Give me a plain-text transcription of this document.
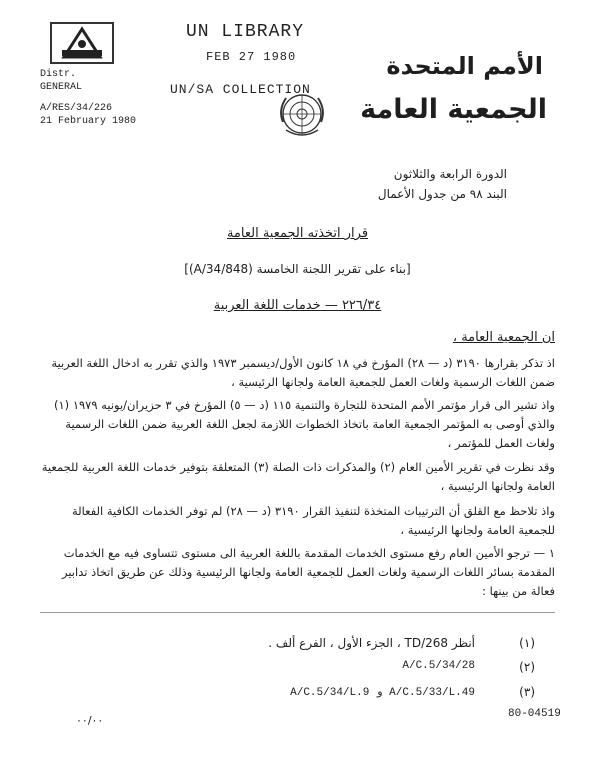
UN LIBRARY
FEB 27 1980
UN/SA COLLECTION
Distr.
GENERAL
A/RES/34/226
21 February 1980
الأمم المتحدة
الجمعية العامة
الدورة الرابعة والثلاثون
البند ٩٨ من جدول الأعمال
قرار اتخذته الجمعية العامة
[بناء على تقرير اللجنة الخامسة (A/34/848)]
٢٢٦/٣٤ — خدمات اللغة العربية
ان الجمعية العامة ،
اذ تذكر بقرارها ٣١٩٠ (د — ٢٨) المؤرخ في ١٨ كانون الأول/ديسمبر ١٩٧٣ والذي تقرر به ادخال اللغة العربية ضمن اللغات الرسمية ولغات العمل للجمعية العامة ولجانها الرئيسية ،
واذ تشير الى قرار مؤتمر الأمم المتحدة للتجارة والتنمية ١١٥ (د — ٥) المؤرخ في ٣ حزيران/يونيه ١٩٧٩ (١) والذي أوصى به المؤتمر الجمعية العامة باتخاذ الخطوات اللازمة لجعل اللغة العربية ضمن اللغات الرسمية ولغات العمل للمؤتمر ،
وقد نظرت في تقرير الأمين العام (٢) والمذكرات ذات الصلة (٣) المتعلقة بتوفير خدمات اللغة العربية للجمعية العامة ولجانها الرئيسية ،
واذ تلاحظ مع القلق أن الترتيبات المتخذة لتنفيذ القرار ٣١٩٠ (د — ٢٨) لم توفر الخدمات الكافية الفعالة للجمعية العامة ولجانها الرئيسية ،
١ — ترجو الأمين العام رفع مستوى الخدمات المقدمة باللغة العربية الى مستوى تتساوى فيه مع الخدمات المقدمة بسائر اللغات الرسمية ولغات العمل للجمعية العامة ولجانها الرئيسية وذلك عن طريق اتخاذ تدابير فعالة من بينها :
(١)
أنظر TD/268 ، الجزء الأول ، الفرع ألف .
(٢)
A/C.5/34/28
(٣)
A/C.5/33/L.49 و A/C.5/34/L.9
٠٠/٠٠	80-04519
